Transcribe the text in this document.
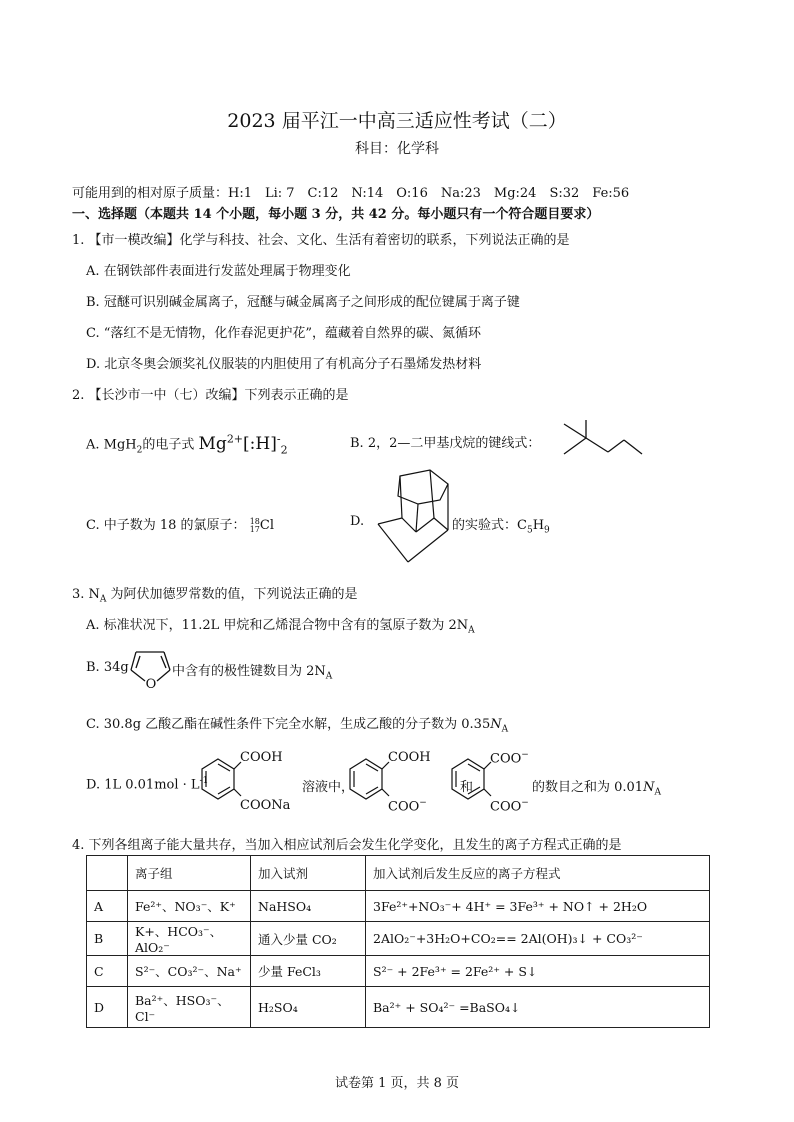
2023 届平江一中高三适应性考试（二）
科目：化学科
可能用到的相对原子质量：H:1　Li: 7　C:12　N:14　O:16　Na:23　Mg:24　S:32　Fe:56
一、选择题（本题共 14 个小题，每小题 3 分，共 42 分。每小题只有一个符合题目要求）
1. 【市一模改编】化学与科技、社会、文化、生活有着密切的联系，下列说法正确的是
A. 在钢铁部件表面进行发蓝处理属于物理变化
B. 冠醚可识别碱金属离子，冠醚与碱金属离子之间形成的配位键属于离子键
C. “落红不是无情物，化作春泥更护花”，蕴藏着自然界的碳、氮循环
D. 北京冬奥会颁奖礼仪服装的内胆使用了有机高分子石墨烯发热材料
2. 【长沙市一中（七）改编】下列表示正确的是
A. MgH$_2$的电子式 $Mg^{2+}[:H]^-_2$	B. 2，2—二甲基戊烷的键线式：
C. 中子数为 18 的氯原子： 18
17Cl	D.	的实验式：$C_5H_9$
3. $N_A$ 为阿伏加德罗常数的值，下列说法正确的是
A. 标准状况下，11.2L 甲烷和乙烯混合物中含有的氢原子数为 $2N_A$
B. 34g
O
中含有的极性键数目为 $2N_A$
C. 30.8g 乙酸乙酯在碱性条件下完全水解，生成乙酸的分子数为 $0.35N_A$
D. 1L $0.01mol \cdot L^{-1}$
COOH
COONa
溶液中，
COOH
COO−
和
COO−
COO−
的数目之和为 $0.01N_A$
4. 下列各组离子能大量共存，当加入相应试剂后会发生化学变化，且发生的离子方程式正确的是
	离子组	加入试剂	加入试剂后发生反应的离子方程式
A	Fe²⁺、NO₃⁻、K⁺	NaHSO₄	3Fe²⁺+NO₃⁻+ 4H⁺ = 3Fe³⁺ + NO↑ + 2H₂O
B	K+、HCO₃⁻、AlO₂⁻	通入少量 CO₂	2AlO₂⁻+3H₂O+CO₂== 2Al(OH)₃↓ + CO₃²⁻
C	S²⁻、CO₃²⁻、Na⁺	少量 FeCl₃	S²⁻ + 2Fe³⁺ = 2Fe²⁺ + S↓
D	Ba²⁺、HSO₃⁻、Cl⁻	H₂SO₄	Ba²⁺ + SO₄²⁻ =BaSO₄↓
试卷第 1 页，共 8 页
